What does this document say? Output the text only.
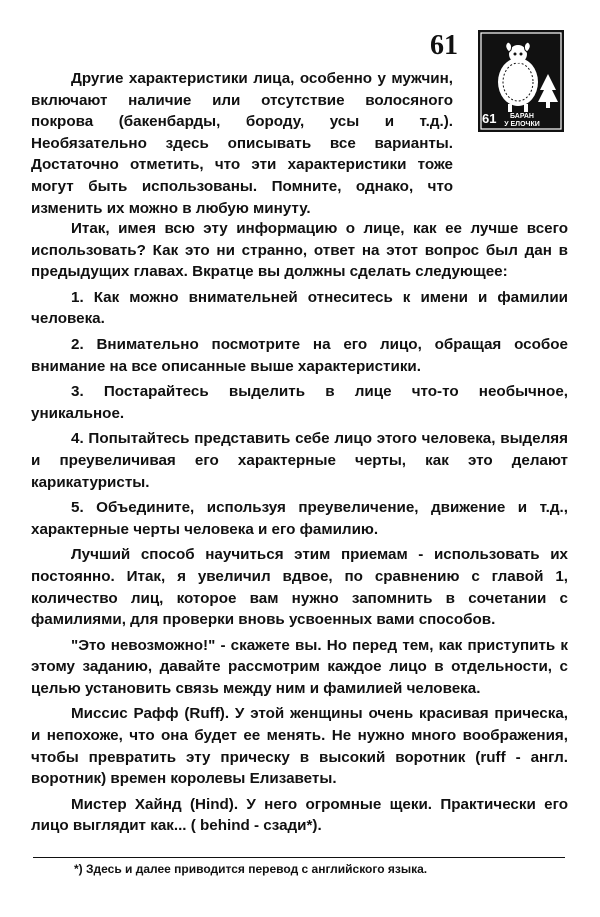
61
61	БАРАН
У ЕЛОЧКИ

Другие характеристики лица, особенно у мужчин, включают наличие или отсутствие волосяного покрова (бакенбарды, бороду, усы и т.д.). Необязательно здесь описывать все варианты. Достаточно отметить, что эти характеристики тоже могут быть использованы. Помните, однако, что изменить их можно в любую минуту.

Итак, имея всю эту информацию о лице, как ее лучше всего использовать? Как это ни странно, ответ на этот вопрос был дан в предыдущих главах. Вкратце вы должны сделать следующее:

1. Как можно внимательней отнеситесь к имени и фамилии человека.

2. Внимательно посмотрите на его лицо, обращая особое внимание на все описанные выше характеристики.

3. Постарайтесь выделить в лице что-то необычное, уникальное.

4. Попытайтесь представить себе лицо этого человека, выделяя и преувеличивая его характерные черты, как это делают карикатуристы.

5. Объедините, используя преувеличение, движение и т.д., характерные черты человека и его фамилию.

Лучший способ научиться этим приемам - использовать их постоянно. Итак, я увеличил вдвое, по сравнению с главой 1, количество лиц, которое вам нужно запомнить в сочетании с фамилиями, для проверки вновь усвоенных вами способов.

"Это невозможно!" - скажете вы. Но перед тем, как приступить к этому заданию, давайте рассмотрим каждое лицо в отдельности, с целью установить связь между ним и фамилией человека.

Миссис Рафф (Ruff). У этой женщины очень красивая прическа, и непохоже, что она будет ее менять. Не нужно много воображения, чтобы превратить эту прическу в высокий воротник (ruff - англ. воротник) времен королевы Елизаветы.

Мистер Хайнд (Hind). У него огромные щеки. Практически его лицо выглядит как... ( behind - сзади*).

*) Здесь и далее приводится перевод с английского языка.
